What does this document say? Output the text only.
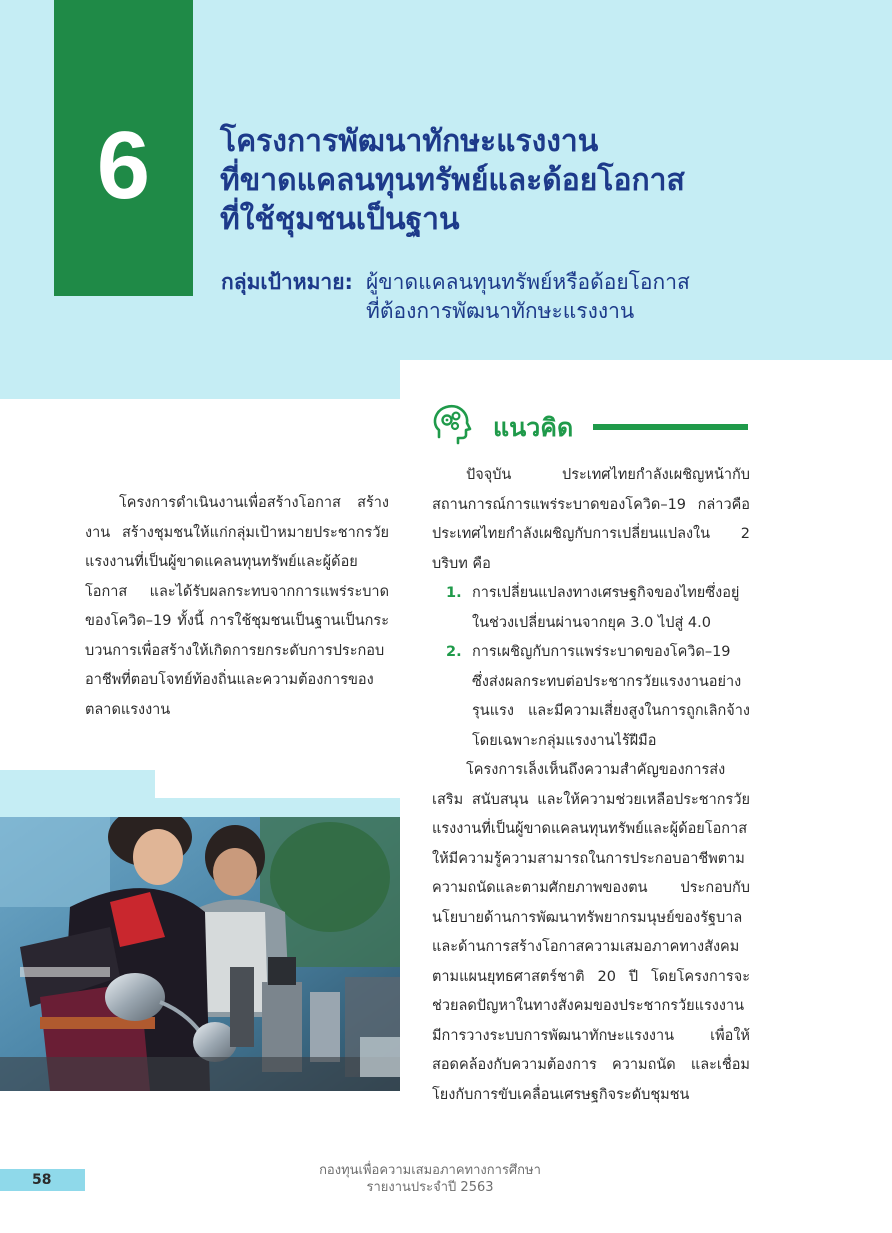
6	โครงการพัฒนาทักษะแรงงาน
ที่ขาดแคลนทุนทรัพย์และด้อยโอกาส
ที่ใช้ชุมชนเป็นฐาน
กลุ่มเป้าหมาย: ผู้ขาดแคลนทุนทรัพย์หรือด้อยโอกาส
ที่ต้องการพัฒนาทักษะแรงงาน
แนวคิด

โครงการดำเนินงานเพื่อสร้างโอกาส สร้างงาน สร้างชุมชนให้แก่กลุ่มเป้าหมายประชากรวัยแรงงานที่เป็นผู้ขาดแคลนทุนทรัพย์และผู้ด้อยโอกาส และได้รับผลกระทบจากการแพร่ระบาดของโควิด–19 ทั้งนี้ การใช้ชุมชนเป็นฐานเป็นกระบวนการเพื่อสร้างให้เกิดการยกระดับการประกอบอาชีพที่ตอบโจทย์ท้องถิ่นและความต้องการของตลาดแรงงาน

ปัจจุบัน ประเทศไทยกำลังเผชิญหน้ากับสถานการณ์การแพร่ระบาดของโควิด–19 กล่าวคือ ประเทศไทยกำลังเผชิญกับการเปลี่ยนแปลงใน 2 บริบท คือ

1. การเปลี่ยนแปลงทางเศรษฐกิจของไทยซึ่งอยู่ในช่วงเปลี่ยนผ่านจากยุค 3.0 ไปสู่ 4.0
2. การเผชิญกับการแพร่ระบาดของโควิด–19 ซึ่งส่งผลกระทบต่อประชากรวัยแรงงานอย่างรุนแรง และมีความเสี่ยงสูงในการถูกเลิกจ้าง โดยเฉพาะกลุ่มแรงงานไร้ฝีมือ

โครงการเล็งเห็นถึงความสำคัญของการส่งเสริม สนับสนุน และให้ความช่วยเหลือประชากรวัยแรงงานที่เป็นผู้ขาดแคลนทุนทรัพย์และผู้ด้อยโอกาส ให้มีความรู้ความสามารถในการประกอบอาชีพตามความถนัดและตามศักยภาพของตน ประกอบกับนโยบายด้านการพัฒนาทรัพยากรมนุษย์ของรัฐบาล และด้านการสร้างโอกาสความเสมอภาคทางสังคมตามแผนยุทธศาสตร์ชาติ 20 ปี โดยโครงการจะช่วยลดปัญหาในทางสังคมของประชากรวัยแรงงานมีการวางระบบการพัฒนาทักษะแรงงาน เพื่อให้สอดคล้องกับความต้องการ ความถนัด และเชื่อมโยงกับการขับเคลื่อนเศรษฐกิจระดับชุมชน

58
กองทุนเพื่อความเสมอภาคทางการศึกษา
รายงานประจำปี 2563
